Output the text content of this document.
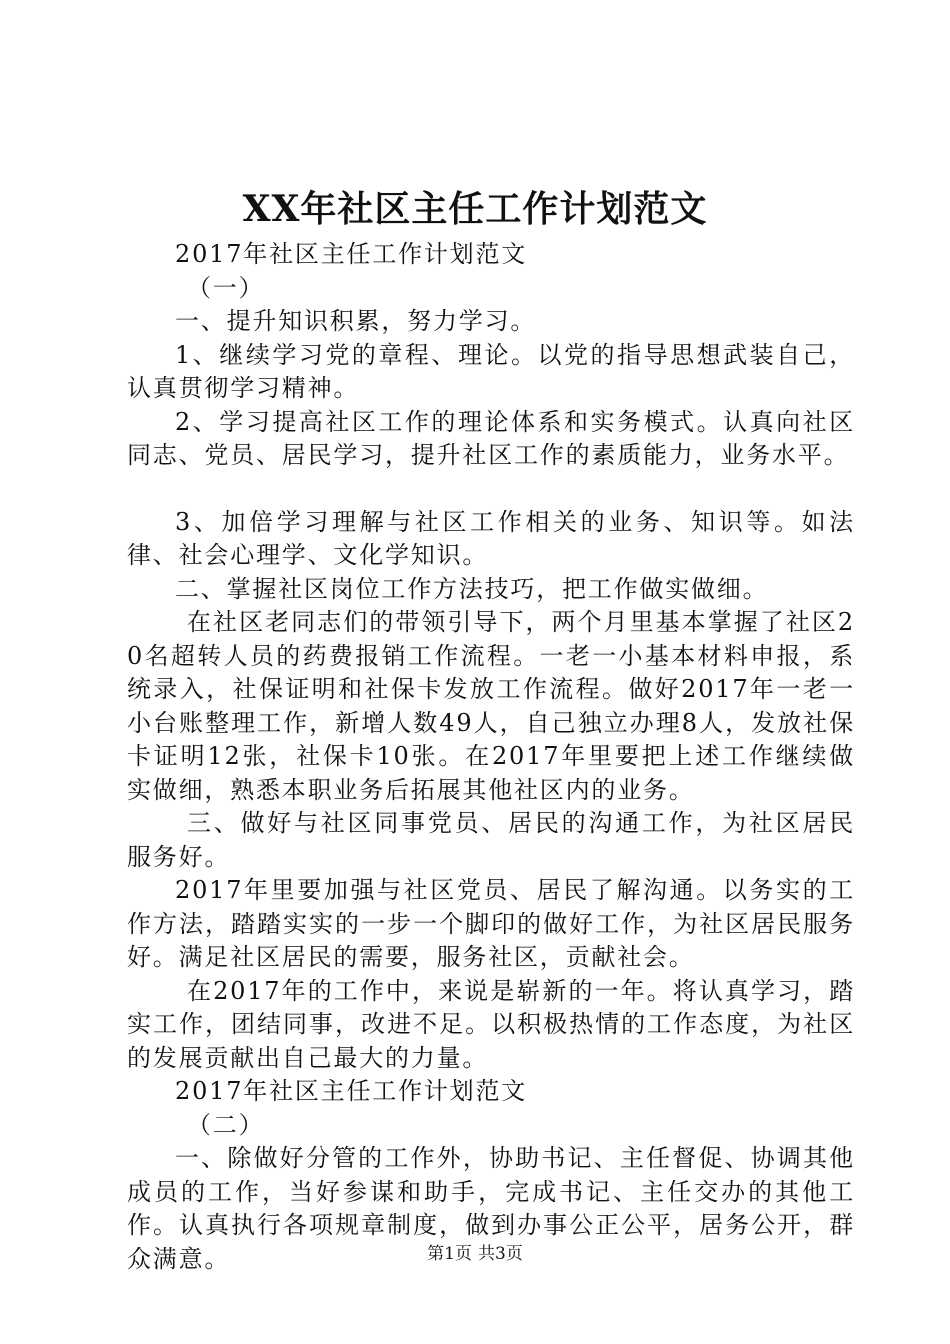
XX年社区主任工作计划范文

2017年社区主任工作计划范文

（一）

一、提升知识积累，努力学习。

1、继续学习党的章程、理论。以党的指导思想武装自己，认真贯彻学习精神。

2、学习提高社区工作的理论体系和实务模式。认真向社区同志、党员、居民学习，提升社区工作的素质能力，业务水平。

3、加倍学习理解与社区工作相关的业务、知识等。如法律、社会心理学、文化学知识。

二、掌握社区岗位工作方法技巧，把工作做实做细。

在社区老同志们的带领引导下，两个月里基本掌握了社区20名超转人员的药费报销工作流程。一老一小基本材料申报，系统录入，社保证明和社保卡发放工作流程。做好2017年一老一小台账整理工作，新增人数49人，自己独立办理8人，发放社保卡证明12张，社保卡10张。在2017年里要把上述工作继续做实做细，熟悉本职业务后拓展其他社区内的业务。

三、做好与社区同事党员、居民的沟通工作，为社区居民服务好。

2017年里要加强与社区党员、居民了解沟通。以务实的工作方法，踏踏实实的一步一个脚印的做好工作，为社区居民服务好。满足社区居民的需要，服务社区，贡献社会。

在2017年的工作中，来说是崭新的一年。将认真学习，踏实工作，团结同事，改进不足。以积极热情的工作态度，为社区的发展贡献出自己最大的力量。

2017年社区主任工作计划范文

（二）

一、除做好分管的工作外，协助书记、主任督促、协调其他成员的工作，当好参谋和助手，完成书记、主任交办的其他工作。认真执行各项规章制度，做到办事公正公平，居务公开，群众满意。	第1页 共3页
